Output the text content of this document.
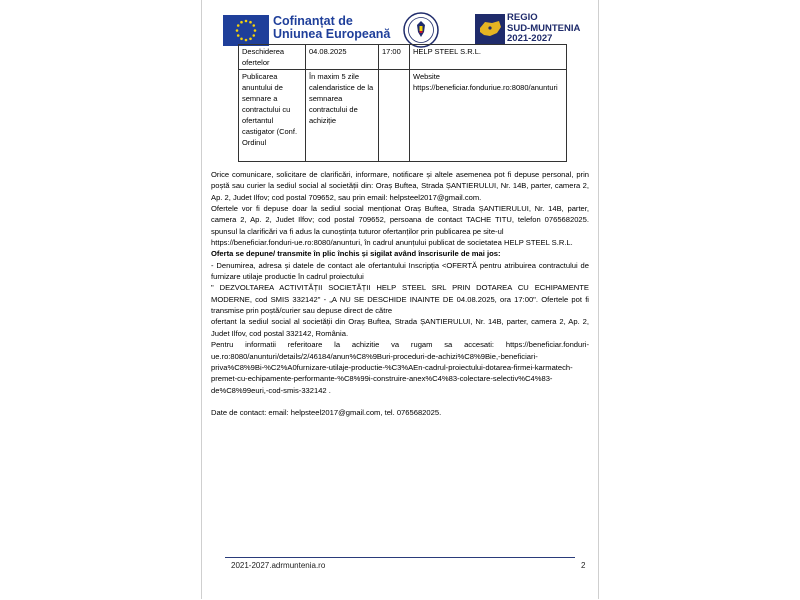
Cofinanțat de
Uniunea Europeană
REGIO
SUD-MUNTENIA
2021-2027
Deschiderea ofertelor	04.08.2025	17:00	HELP STEEL S.R.L.
Publicarea anuntului de semnare a contractului cu ofertantul castigator (Conf. Ordinul	În maxim 5 zile calendaristice de la semnarea contractului de achiziție		Website https://beneficiar.fonduriue.ro:8080/anunturi

Orice comunicare, solicitare de clarificări, informare, notificare și altele asemenea pot fi depuse personal, prin poștă sau curier la sediul social al societății din: Oraș Buftea, Strada ȘANTIERULUI, Nr. 14B, parter, camera 2, Ap. 2, Judet Ilfov; cod postal 709652, sau prin email: helpsteel2017@gmail.com.

Ofertele vor fi depuse doar la sediul social menționat Oraș Buftea, Strada ȘANTIERULUI, Nr. 14B, parter, camera 2, Ap. 2, Judet Ilfov; cod postal 709652, persoana de contact TACHE TITU, telefon 0765682025. spunsul la clarificări va fi adus la cunoștința tuturor ofertanților prin publicarea pe site-ul

https://beneficiar.fonduri-ue.ro:8080/anunturi, în cadrul anunțului publicat de societatea HELP STEEL S.R.L.

Oferta se depune/ transmite în plic închis și sigilat având înscrisurile de mai jos:

- Denumirea, adresa și datele de contact ale ofertantului Inscripția <OFERTĂ pentru atribuirea contractului de furnizare utilaje productie în cadrul proiectului

" DEZVOLTAREA ACTIVITĂȚII SOCIETĂȚII HELP STEEL SRL PRIN DOTAREA CU ECHIPAMENTE MODERNE, cod SMIS 332142" - „A NU SE DESCHIDE INAINTE DE 04.08.2025, ora 17:00". Ofertele pot fi transmise prin poștă/curier sau depuse direct de către

ofertant la sediul social al societății din Oraș Buftea, Strada ȘANTIERULUI, Nr. 14B, parter, camera 2, Ap. 2, Judet Ilfov, cod postal 332142, România.

Pentru informatii referitoare la achizitie va rugam sa accesati: https://beneficiar.fonduri-ue.ro:8080/anunturi/details/2/46184/anun%C8%9Buri-proceduri-de-achizi%C8%9Bie,-beneficiari-priva%C8%9Bi-%C2%A0furnizare-utilaje-productie-%C3%AEn-cadrul-proiectului-dotarea-firmei-karmatech-premet-cu-echipamente-performante-%C8%99i-construire-anex%C4%83-colectare-selectiv%C4%83-de%C8%99euri,-cod-smis-332142 .

Date de contact: email: helpsteel2017@gmail.com, tel. 0765682025.

2021-2027.adrmuntenia.ro	2
